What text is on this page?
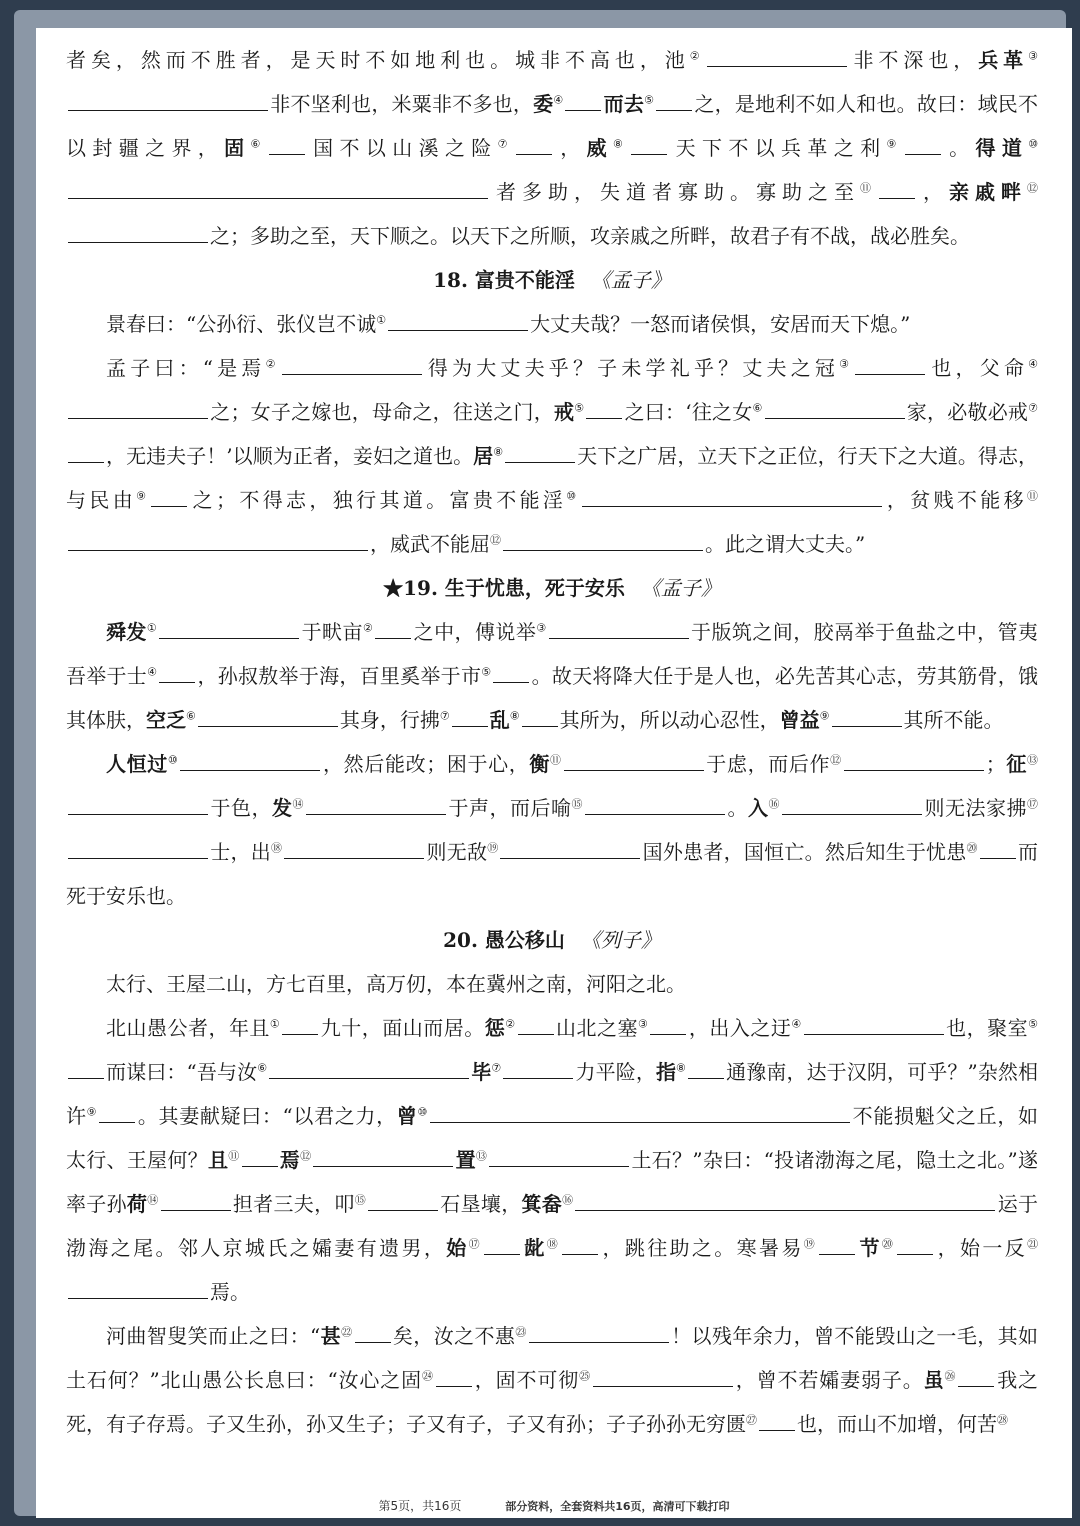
者矣，然而不胜者，是天时不如地利也。城非不高也，池②	非不深也，兵革③非不坚利也，米粟非不多也，委④ 而去⑤ 之，是地利不如人和也。故曰：域民不以封疆之界，固⑥ 国不以山溪之险⑦ ，威⑧ 天下不以兵革之利⑨ 。得道⑩者多助，失道者寡助。寡助之至⑪ ，亲戚畔⑫之；多助之至，天下顺之。以天下之所顺，攻亲戚之所畔，故君子有不战，战必胜矣。

18. 富贵不能淫 《孟子》

景春曰：“公孙衍、张仪岂不诚①	大丈夫哉？一怒而诸侯惧，安居而天下熄。”

孟子曰：“是焉②	得为大丈夫乎？子未学礼乎？丈夫之冠③	也，父命④之；女子之嫁也，母命之，往送之门，戒⑤ 之曰：‘往之女⑥	家，必敬必戒⑦，无违夫子！’以顺为正者，妾妇之道也。居⑧	天下之广居，立天下之正位，行天下之大道。得志，与民由⑨ 之；不得志，独行其道。富贵不能淫⑩	，贫贱不能移⑪，威武不能屈⑫	。此之谓大丈夫。”

★19. 生于忧患，死于安乐 《孟子》

舜发①	于畎亩② 之中，傅说举③	于版筑之间，胶鬲举于鱼盐之中，管夷吾举于士④ ，孙叔敖举于海，百里奚举于市⑤ 。故天将降大任于是人也，必先苦其心志，劳其筋骨，饿其体肤，空乏⑥	其身，行拂⑦ 乱⑧ 其所为，所以动心忍性，曾益⑨	其所不能。

人恒过⑩	，然后能改；困于心，衡⑪	于虑，而后作⑫	；征⑬于色，发⑭	于声，而后喻⑮	。入⑯	则无法家拂⑰士，出⑱	则无敌⑲	国外患者，国恒亡。然后知生于忧患⑳ 而死于安乐也。

20. 愚公移山 《列子》

太行、王屋二山，方七百里，高万仞，本在冀州之南，河阳之北。

北山愚公者，年且① 九十，面山而居。惩② 山北之塞③ ，出入之迂④	也，聚室⑤而谋曰：“吾与汝⑥	毕⑦	力平险，指⑧ 通豫南，达于汉阴，可乎？”杂然相许⑨ 。其妻献疑曰：“以君之力，曾⑩	不能损魁父之丘，如太行、王屋何？且⑪ 焉⑫	置⑬	土石？”杂曰：“投诸渤海之尾，隐土之北。”遂率子孙荷⑭	担者三夫，叩⑮	石垦壤，箕畚⑯	运于渤海之尾。邻人京城氏之孀妻有遗男，始⑰ 龀⑱ ，跳往助之。寒暑易⑲ 节⑳ ，始一反$^㉑$焉。

河曲智叟笑而止之曰：“甚$^㉒$ 矣，汝之不惠$^㉓$	！以残年余力，曾不能毁山之一毛，其如土石何？”北山愚公长息曰：“汝心之固$^㉔$ ，固不可彻$^㉕$	，曾不若孀妻弱子。虽$^㉖$ 我之死，有子存焉。子又生孙，孙又生子；子又有子，子又有孙；子子孙孙无穷匮$^㉗$ 也，而山不加增，何苦$^㉘$

第5页，共16页	部分资料，全套资料共16页，高清可下载打印
